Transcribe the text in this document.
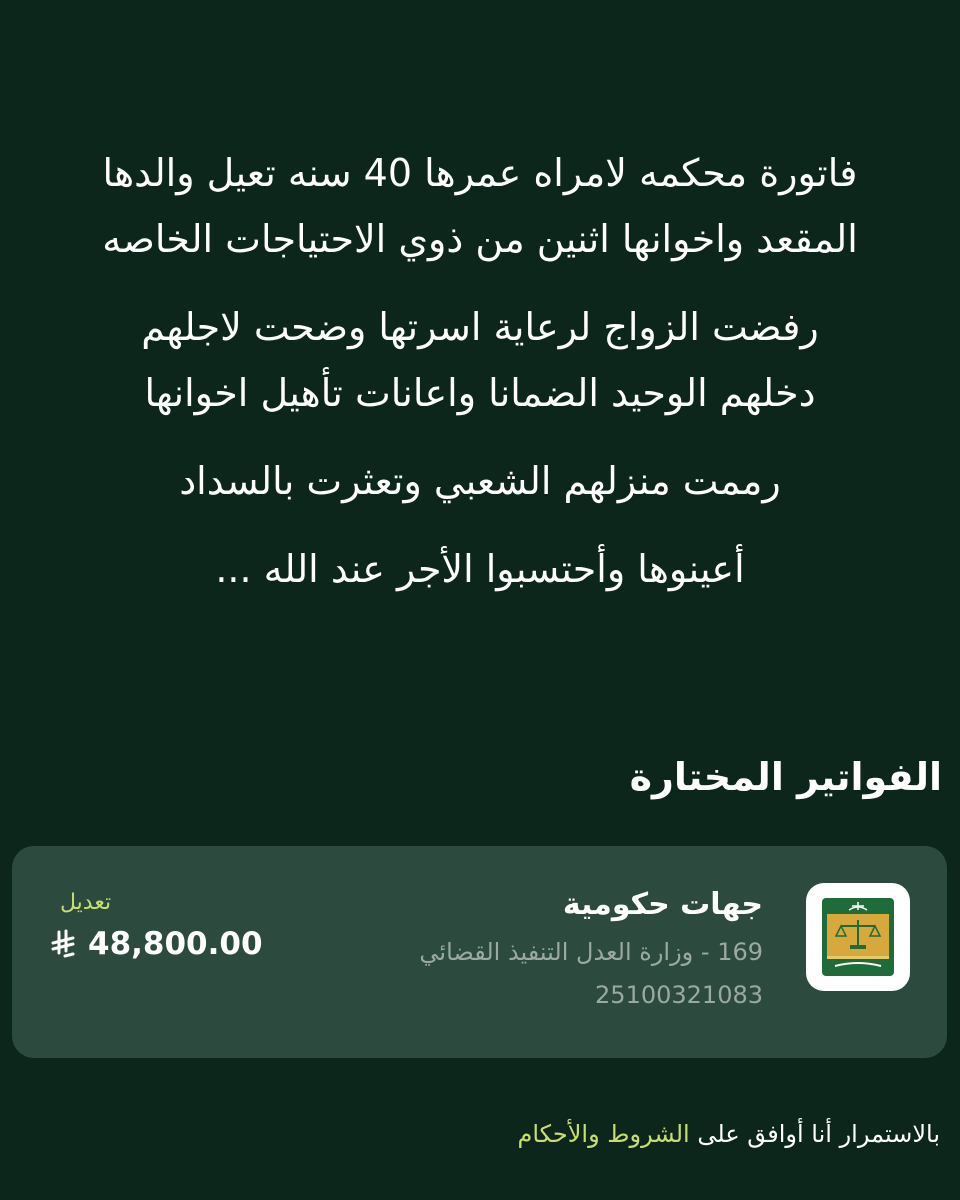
فاتورة محكمه لامراه عمرها 40 سنه تعيل والدها
المقعد واخوانها اثنين من ذوي الاحتياجات الخاصه
رفضت الزواج لرعاية اسرتها وضحت لاجلهم
دخلهم الوحيد الضمانا واعانات تأهيل اخوانها
رممت منزلهم الشعبي وتعثرت بالسداد
أعينوها وأحتسبوا الأجر عند الله ...
الفواتير المختارة
جهات حكومية
169 - وزارة العدل التنفيذ القضائي
25100321083
تعديل
48,800.00
بالاستمرار أنا أوافق على الشروط والأحكام
